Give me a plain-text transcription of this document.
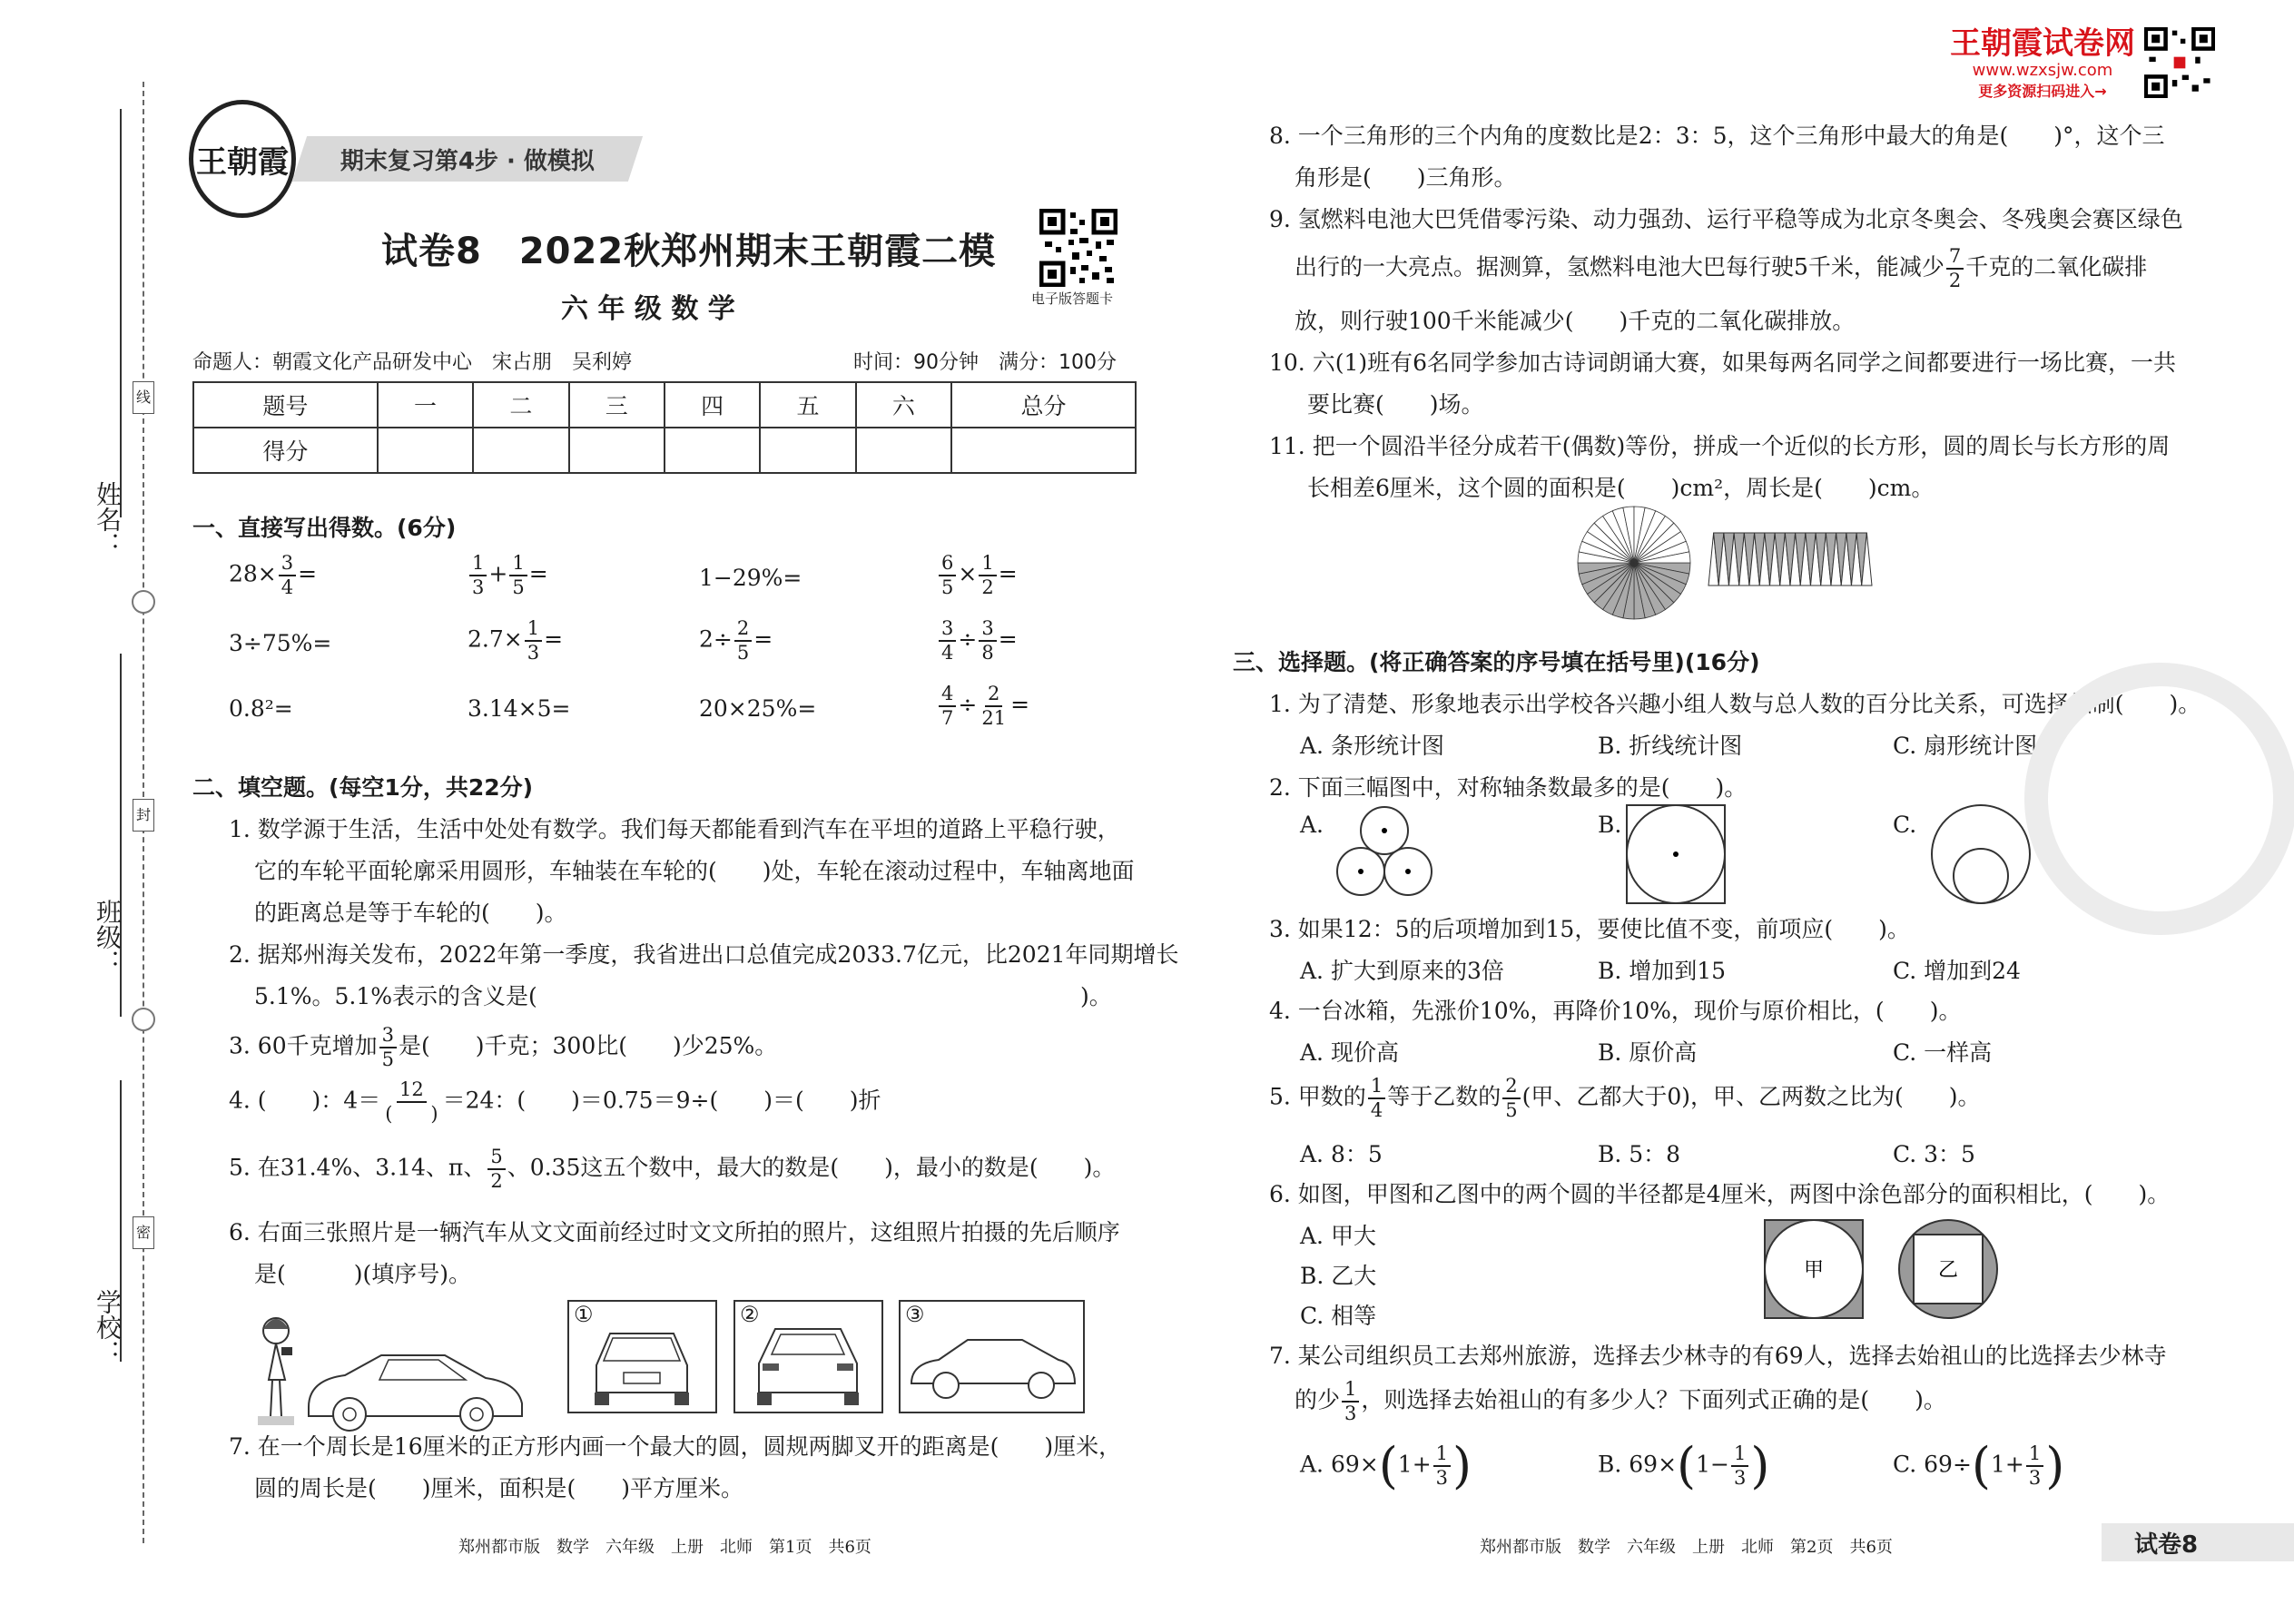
线
封
密
姓名：
班级：
学校：
王朝霞 期末复习第4步 · 做模拟
试卷8　2022秋郑州期末王朝霞二模
六 年 级 数 学	电子版答题卡
命题人：朝霞文化产品研发中心　宋占朋　吴利婷	时间：90分钟　满分：100分
题号	一	二	三	四	五	六	总分
得分							
一、直接写出得数。(6分)
$28\times \frac{3}{4}$ =	$\frac{1}{3} + \frac{1}{5}$ =	1−29%=	$\frac{6}{5} \times \frac{1}{2}$ =
3÷75%=	$2.7\times \frac{1}{3}$ =	$2\div \frac{2}{5}$ =	$\frac{3}{4} \div \frac{3}{8}$ =
0.8²=	3.14×5=	20×25%=	$\frac{4}{7} \div \frac{2}{21}$ =
二、填空题。(每空1分，共22分)
1. 数学源于生活，生活中处处有数学。我们每天都能看到汽车在平坦的道路上平稳行驶，
它的车轮平面轮廓采用圆形，车轴装在车轮的(　　)处，车轮在滚动过程中，车轴离地面
的距离总是等于车轮的(　　)。
2. 据郑州海关发布，2022年第一季度，我省进出口总值完成2033.7亿元，比2021年同期增长
5.1%。5.1%表示的含义是(	)。
3. 60千克增加 $\frac{3}{5}$ 是(　　)千克；300比(　　)少25%。
4. (　　)：$4= \frac{12}{( )} =24$：(　　)＝0.75＝9÷(　　)＝(　　)折
5. 在31.4%、3.14、π、 $\frac{5}{2}$ 、0.35这五个数中，最大的数是(　　)，最小的数是(　　)。
6. 右面三张照片是一辆汽车从文文面前经过时文文所拍的照片，这组照片拍摄的先后顺序
是(　　　)(填序号)。
①	②	③
7. 在一个周长是16厘米的正方形内画一个最大的圆，圆规两脚叉开的距离是(　　)厘米，
圆的周长是(　　)厘米，面积是(　　)平方厘米。
郑州都市版　数学　六年级　上册　北师　第1页　共6页
王朝霞试卷网
www.wzxsjw.com
更多资源扫码进入→
8. 一个三角形的三个内角的度数比是2：3：5，这个三角形中最大的角是(　　)°，这个三
角形是(　　)三角形。
9. 氢燃料电池大巴凭借零污染、动力强劲、运行平稳等成为北京冬奥会、冬残奥会赛区绿色
出行的一大亮点。据测算，氢燃料电池大巴每行驶5千米，能减少 $\frac{7}{2}$ 千克的二氧化碳排
放，则行驶100千米能减少(　　)千克的二氧化碳排放。
10. 六(1)班有6名同学参加古诗词朗诵大赛，如果每两名同学之间都要进行一场比赛，一共
要比赛(　　)场。
11. 把一个圆沿半径分成若干(偶数)等份，拼成一个近似的长方形，圆的周长与长方形的周
长相差6厘米，这个圆的面积是(　　)cm²，周长是(　　)cm。
三、选择题。(将正确答案的序号填在括号里)(16分)
1. 为了清楚、形象地表示出学校各兴趣小组人数与总人数的百分比关系，可选择绘制(　　)。
A. 条形统计图	B. 折线统计图	C. 扇形统计图
2. 下面三幅图中，对称轴条数最多的是(　　)。
A.	B.	C.
3. 如果12：5的后项增加到15，要使比值不变，前项应(　　)。
A. 扩大到原来的3倍	B. 增加到15	C. 增加到24
4. 一台冰箱，先涨价10%，再降价10%，现价与原价相比，(　　)。
A. 现价高	B. 原价高	C. 一样高
5. 甲数的 $\frac{1}{4}$ 等于乙数的 $\frac{2}{5}$ (甲、乙都大于0)，甲、乙两数之比为(　　)。
A. 8：5	B. 5：8	C. 3：5
6. 如图，甲图和乙图中的两个圆的半径都是4厘米，两图中涂色部分的面积相比，(　　)。
A. 甲大
B. 乙大
C. 相等
甲	乙
7. 某公司组织员工去郑州旅游，选择去少林寺的有69人，选择去始祖山的比选择去少林寺
的少 $\frac{1}{3}$ ，则选择去始祖山的有多少人？下面列式正确的是(　　)。
A. $69\times(1+ \frac{1}{3}$ )	B. $69\times(1- \frac{1}{3}$ )	C. $69\div(1+ \frac{1}{3}$ )
郑州都市版　数学　六年级　上册　北师　第2页　共6页	试卷8
